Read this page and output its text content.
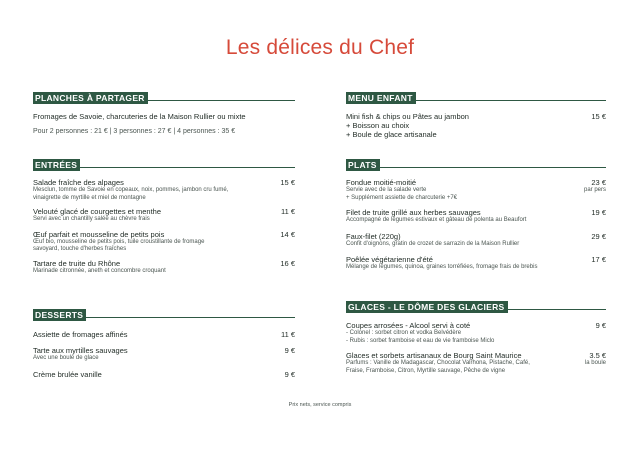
Les délices du Chef
PLANCHES À PARTAGER
Fromages de Savoie, charcuteries de la Maison Rullier ou mixte
Pour 2 personnes : 21 € | 3 personnes : 27 € | 4 personnes : 35 €
ENTRÉES
Salade fraîche des alpages	15 €
Mesclun, tomme de Savoie en copeaux, noix, pommes, jambon cru fumé,
vinaigrette de myrtille et miel de montagne
Velouté glacé de courgettes et menthe	11 €
Servi avec un chantilly salée au chèvre frais
Œuf parfait et mousseline de petits pois	14 €
Œuf bio, mousseline de petits pois, tuile croustillante de fromage
savoyard, touche d'herbes fraîches
Tartare de truite du Rhône	16 €
Marinade citronnée, aneth et concombre croquant
DESSERTS
Assiette de fromages affinés	11 €
Tarte aux myrtilles sauvages	9 €
Avec une boule de glace
Crème brulée vanille	9 €
MENU ENFANT
Mini fish & chips ou Pâtes au jambon	15 €
+ Boisson au choix
+ Boule de glace artisanale
PLATS
Fondue moitié-moitié	23 €
Servie avec de la salade verte	par pers
+ Supplément assiette de charcuterie +7€
Filet de truite grillé aux herbes sauvages	19 €
Accompagné de légumes estivaux et gâteau de polenta au Beaufort
Faux-filet (220g)	29 €
Confit d'oignons, gratin de crozet de sarrazin de la Maison Rullier
Poêlée végétarienne d'été	17 €
Mélange de légumes, quinoa, graines torréfiées, fromage frais de brebis
GLACES - LE DÔME DES GLACIERS
Coupes arrosées - Alcool servi à coté	9 €
- Colonel : sorbet citron et vodka Belvédère
- Rubis : sorbet framboise et eau de vie framboise Miclo
Glaces et sorbets artisanaux de Bourg Saint Maurice	3.5 €
Parfums : Vanille de Madagascar, Chocolat Valrhona, Pistache, Café,	la boule
Fraise, Framboise, Citron, Myrtille sauvage, Pêche de vigne
Prix nets, service compris
